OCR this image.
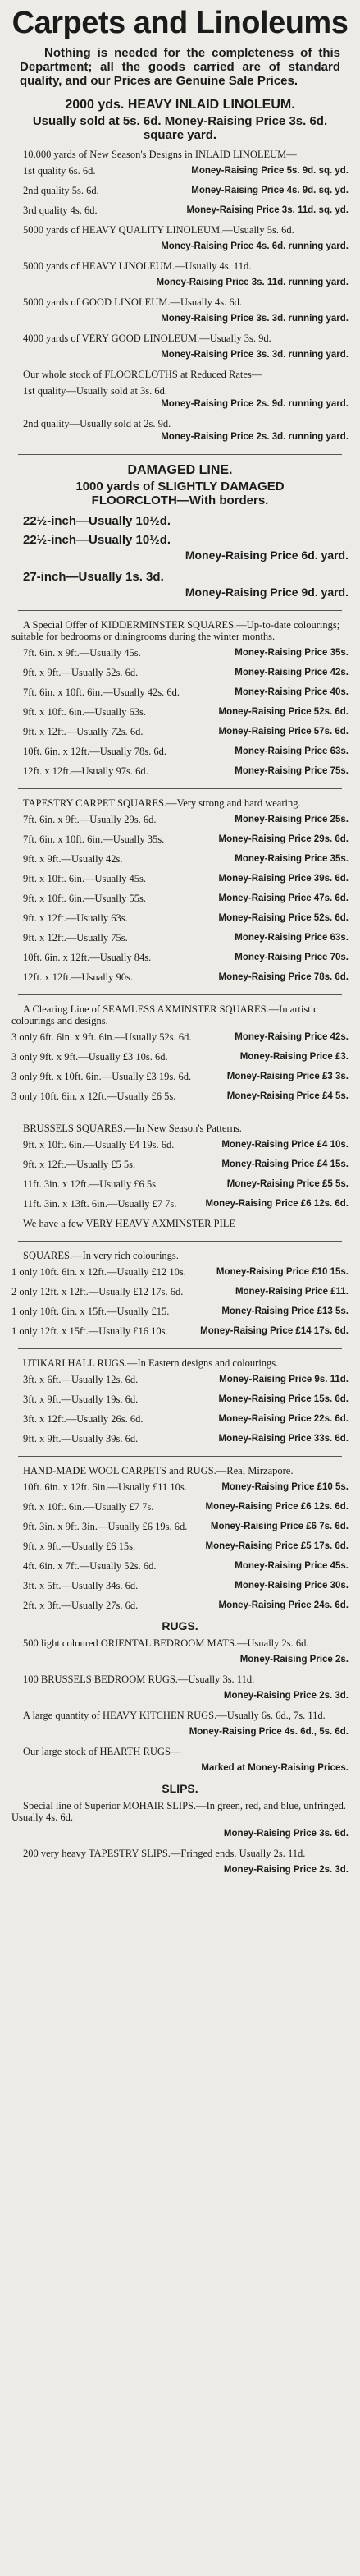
Carpets and Linoleums

Nothing is needed for the completeness of this Department; all the goods carried are of standard quality, and our Prices are Genuine Sale Prices.

2000 yds. HEAVY INLAID LINOLEUM.
Usually sold at 5s. 6d. Money-Raising Price 3s. 6d. square yard.

10,000 yards of New Season's Designs in INLAID LINOLEUM—

1st quality 6s. 6d.	Money-Raising Price 5s. 9d. sq. yd.
2nd quality 5s. 6d.	Money-Raising Price 4s. 9d. sq. yd.
3rd quality 4s. 6d.	Money-Raising Price 3s. 11d. sq. yd.

5000 yards of HEAVY QUALITY LINOLEUM.—Usually 5s. 6d.

Money-Raising Price 4s. 6d. running yard.

5000 yards of HEAVY LINOLEUM.—Usually 4s. 11d.

Money-Raising Price 3s. 11d. running yard.

5000 yards of GOOD LINOLEUM.—Usually 4s. 6d.

Money-Raising Price 3s. 3d. running yard.

4000 yards of VERY GOOD LINOLEUM.—Usually 3s. 9d.

Money-Raising Price 3s. 3d. running yard.

Our whole stock of FLOORCLOTHS at Reduced Rates—

1st quality—Usually sold at 3s. 6d.

Money-Raising Price 2s. 9d. running yard.

2nd quality—Usually sold at 2s. 9d.

Money-Raising Price 2s. 3d. running yard.
DAMAGED LINE.
1000 yards of SLIGHTLY DAMAGED
FLOORCLOTH—With borders.
22½-inch—Usually 10½d.
22½-inch—Usually 10½d.
Money-Raising Price 6d. yard.
27-inch—Usually 1s. 3d.
Money-Raising Price 9d. yard.

A Special Offer of KIDDERMINSTER SQUARES.—Up-to-date colourings; suitable for bedrooms or diningrooms during the winter months.

7ft. 6in. x 9ft.—Usually 45s.	Money-Raising Price 35s.
9ft. x 9ft.—Usually 52s. 6d.	Money-Raising Price 42s.
7ft. 6in. x 10ft. 6in.—Usually 42s. 6d.	Money-Raising Price 40s.
9ft. x 10ft. 6in.—Usually 63s.	Money-Raising Price 52s. 6d.
9ft. x 12ft.—Usually 72s. 6d.	Money-Raising Price 57s. 6d.
10ft. 6in. x 12ft.—Usually 78s. 6d.	Money-Raising Price 63s.
12ft. x 12ft.—Usually 97s. 6d.	Money-Raising Price 75s.

TAPESTRY CARPET SQUARES.—Very strong and hard wearing.

7ft. 6in. x 9ft.—Usually 29s. 6d.	Money-Raising Price 25s.
7ft. 6in. x 10ft. 6in.—Usually 35s.	Money-Raising Price 29s. 6d.
9ft. x 9ft.—Usually 42s.	Money-Raising Price 35s.
9ft. x 10ft. 6in.—Usually 45s.	Money-Raising Price 39s. 6d.
9ft. x 10ft. 6in.—Usually 55s.	Money-Raising Price 47s. 6d.
9ft. x 12ft.—Usually 63s.	Money-Raising Price 52s. 6d.
9ft. x 12ft.—Usually 75s.	Money-Raising Price 63s.
10ft. 6in. x 12ft.—Usually 84s.	Money-Raising Price 70s.
12ft. x 12ft.—Usually 90s.	Money-Raising Price 78s. 6d.

A Clearing Line of SEAMLESS AXMINSTER SQUARES.—In artistic colourings and designs.

3 only 6ft. 6in. x 9ft. 6in.—Usually 52s. 6d.	Money-Raising Price 42s.
3 only 9ft. x 9ft.—Usually £3 10s. 6d.	Money-Raising Price £3.
3 only 9ft. x 10ft. 6in.—Usually £3 19s. 6d.	Money-Raising Price £3 3s.
3 only 10ft. 6in. x 12ft.—Usually £6 5s.	Money-Raising Price £4 5s.

BRUSSELS SQUARES.—In New Season's Patterns.

9ft. x 10ft. 6in.—Usually £4 19s. 6d.	Money-Raising Price £4 10s.
9ft. x 12ft.—Usually £5 5s.	Money-Raising Price £4 15s.
11ft. 3in. x 12ft.—Usually £6 5s.	Money-Raising Price £5 5s.
11ft. 3in. x 13ft. 6in.—Usually £7 7s.	Money-Raising Price £6 12s. 6d.

We have a few VERY HEAVY AXMINSTER PILE

SQUARES.—In very rich colourings.

1 only 10ft. 6in. x 12ft.—Usually £12 10s.	Money-Raising Price £10 15s.
2 only 12ft. x 12ft.—Usually £12 17s. 6d.	Money-Raising Price £11.
1 only 10ft. 6in. x 15ft.—Usually £15.	Money-Raising Price £13 5s.
1 only 12ft. x 15ft.—Usually £16 10s.	Money-Raising Price £14 17s. 6d.

UTIKARI HALL RUGS.—In Eastern designs and colourings.

3ft. x 6ft.—Usually 12s. 6d.	Money-Raising Price 9s. 11d.
3ft. x 9ft.—Usually 19s. 6d.	Money-Raising Price 15s. 6d.
3ft. x 12ft.—Usually 26s. 6d.	Money-Raising Price 22s. 6d.
9ft. x 9ft.—Usually 39s. 6d.	Money-Raising Price 33s. 6d.

HAND-MADE WOOL CARPETS and RUGS.—Real Mirzapore.

10ft. 6in. x 12ft. 6in.—Usually £11 10s.	Money-Raising Price £10 5s.
9ft. x 10ft. 6in.—Usually £7 7s.	Money-Raising Price £6 12s. 6d.
9ft. 3in. x 9ft. 3in.—Usually £6 19s. 6d. Money-Raising Price £6 7s. 6d.
9ft. x 9ft.—Usually £6 15s.	Money-Raising Price £5 17s. 6d.
4ft. 6in. x 7ft.—Usually 52s. 6d.	Money-Raising Price 45s.
3ft. x 5ft.—Usually 34s. 6d.	Money-Raising Price 30s.
2ft. x 3ft.—Usually 27s. 6d.	Money-Raising Price 24s. 6d.
RUGS.

500 light coloured ORIENTAL BEDROOM MATS.—Usually 2s. 6d.

Money-Raising Price 2s.

100 BRUSSELS BEDROOM RUGS.—Usually 3s. 11d.

Money-Raising Price 2s. 3d.

A large quantity of HEAVY KITCHEN RUGS.—Usually 6s. 6d., 7s. 11d.

Money-Raising Price 4s. 6d., 5s. 6d.

Our large stock of HEARTH RUGS—

Marked at Money-Raising Prices.
SLIPS.

Special line of Superior MOHAIR SLIPS.—In green, red, and blue, unfringed. Usually 4s. 6d.

Money-Raising Price 3s. 6d.

200 very heavy TAPESTRY SLIPS.—Fringed ends. Usually 2s. 11d.

Money-Raising Price 2s. 3d.
